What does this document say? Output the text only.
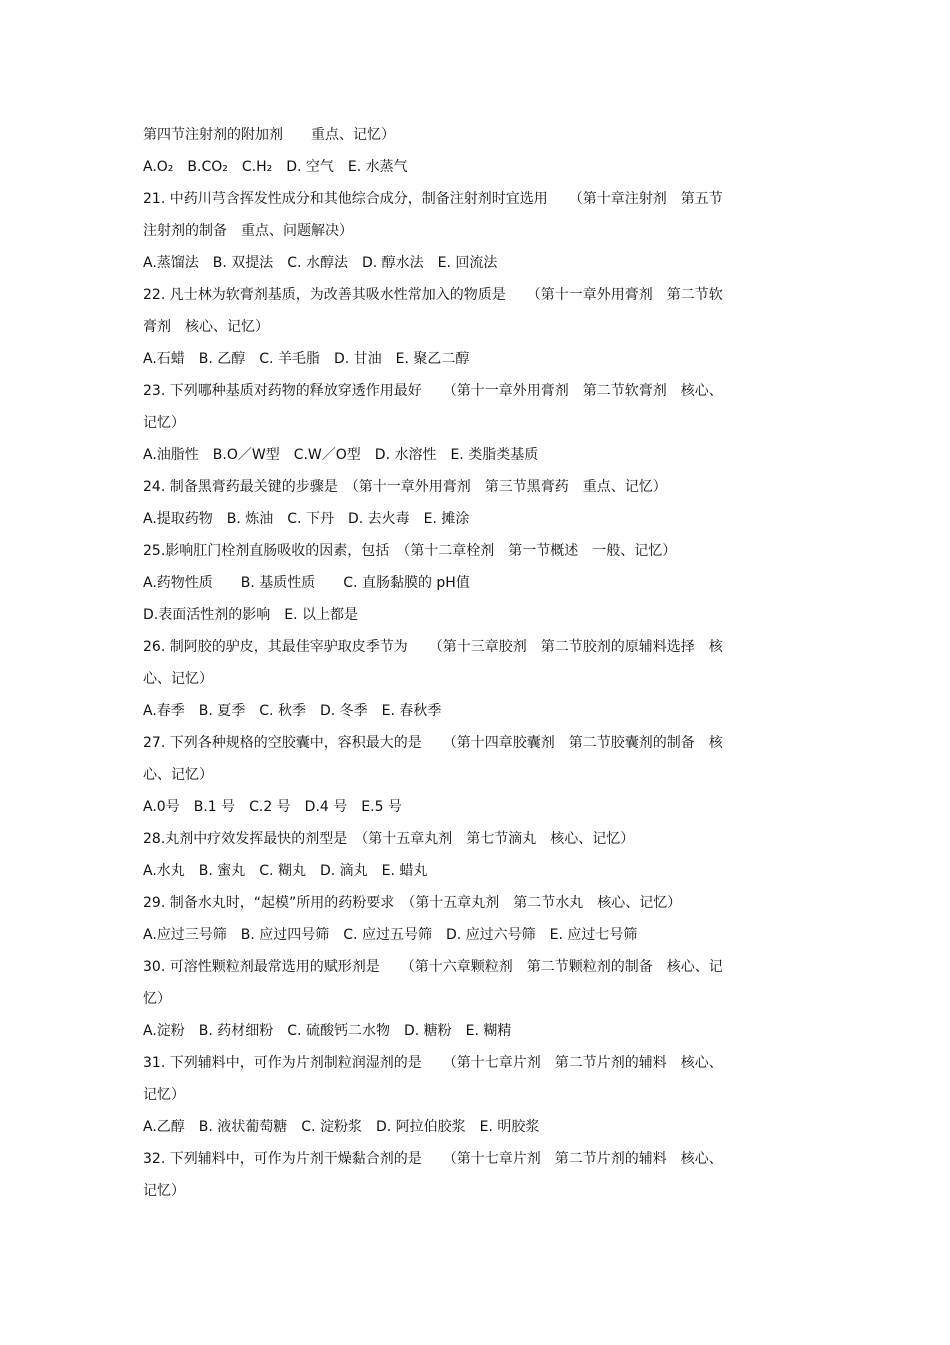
第四节注射剂的附加剂　　重点、记忆）
A.O₂　B.CO₂　C.H₂　D. 空气　E. 水蒸气
21. 中药川芎含挥发性成分和其他综合成分，制备注射剂时宜选用　　（第十章注射剂　第五节
注射剂的制备　重点、问题解决）
A.蒸馏法　B. 双提法　C. 水醇法　D. 醇水法　E. 回流法
22. 凡士林为软膏剂基质，为改善其吸水性常加入的物质是　　（第十一章外用膏剂　第二节软
膏剂　核心、记忆）
A.石蜡　B. 乙醇　C. 羊毛脂　D. 甘油　E. 聚乙二醇
23. 下列哪种基质对药物的释放穿透作用最好　　（第十一章外用膏剂　第二节软膏剂　核心、
记忆）
A.油脂性　B.O／W型　C.W／O型　D. 水溶性　E. 类脂类基质
24. 制备黑膏药最关键的步骤是　（第十一章外用膏剂　第三节黑膏药　重点、记忆）
A.提取药物　B. 炼油　C. 下丹　D. 去火毒　E. 摊涂
25.影响肛门栓剂直肠吸收的因素，包括　（第十二章栓剂　第一节概述　一般、记忆）
A.药物性质　　B. 基质性质　　C. 直肠黏膜的 pH值
D.表面活性剂的影响　E. 以上都是
26. 制阿胶的驴皮，其最佳宰驴取皮季节为　　（第十三章胶剂　第二节胶剂的原辅料选择　核
心、记忆）
A.春季　B. 夏季　C. 秋季　D. 冬季　E. 春秋季
27. 下列各种规格的空胶囊中，容积最大的是　　（第十四章胶囊剂　第二节胶囊剂的制备　核
心、记忆）
A.0号　B.1 号　C.2 号　D.4 号　E.5 号
28.丸剂中疗效发挥最快的剂型是　（第十五章丸剂　第七节滴丸　核心、记忆）
A.水丸　B. 蜜丸　C. 糊丸　D. 滴丸　E. 蜡丸
29. 制备水丸时，“起模”所用的药粉要求　（第十五章丸剂　第二节水丸　核心、记忆）
A.应过三号筛　B. 应过四号筛　C. 应过五号筛　D. 应过六号筛　E. 应过七号筛
30. 可溶性颗粒剂最常选用的赋形剂是　　（第十六章颗粒剂　第二节颗粒剂的制备　核心、记
忆）
A.淀粉　B. 药材细粉　C. 硫酸钙二水物　D. 糖粉　E. 糊精
31. 下列辅料中，可作为片剂制粒润湿剂的是　　（第十七章片剂　第二节片剂的辅料　核心、
记忆）
A.乙醇　B. 液状葡萄糖　C. 淀粉浆　D. 阿拉伯胶浆　E. 明胶浆
32. 下列辅料中，可作为片剂干燥黏合剂的是　　（第十七章片剂　第二节片剂的辅料　核心、
记忆）
